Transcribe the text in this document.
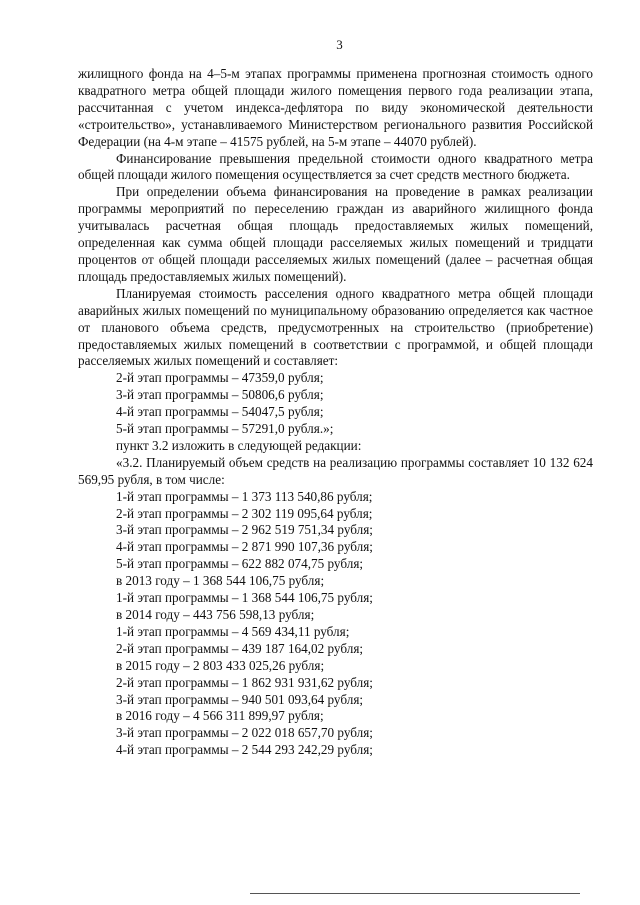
3

жилищного фонда на 4–5-м этапах программы применена прогнозная стоимость одного квадратного метра общей площади жилого помещения первого года реализации этапа, рассчитанная с учетом индекса-дефлятора по виду экономической деятельности «строительство», устанавливаемого Министерством регионального развития Российской Федерации (на 4-м этапе – 41575 рублей, на 5-м этапе – 44070 рублей).

Финансирование превышения предельной стоимости одного квадратного метра общей площади жилого помещения осуществляется за счет средств местного бюджета.

При определении объема финансирования на проведение в рамках реализации программы мероприятий по переселению граждан из аварийного жилищного фонда учитывалась расчетная общая площадь предоставляемых жилых помещений, определенная как сумма общей площади расселяемых жилых помещений и тридцати процентов от общей площади расселяемых жилых помещений (далее – расчетная общая площадь предоставляемых жилых помещений).

Планируемая стоимость расселения одного квадратного метра общей площади аварийных жилых помещений по муниципальному образованию определяется как частное от планового объема средств, предусмотренных на строительство (приобретение) предоставляемых жилых помещений в соответствии с программой, и общей площади расселяемых жилых помещений и составляет:

2-й этап программы – 47359,0 рубля;

3-й этап программы – 50806,6 рубля;

4-й этап программы – 54047,5 рубля;

5-й этап программы – 57291,0 рубля.»;

пункт 3.2 изложить в следующей редакции:

«3.2. Планируемый объем средств на реализацию программы составляет 10 132 624 569,95 рубля, в том числе:

1-й этап программы – 1 373 113 540,86 рубля;

2-й этап программы – 2 302 119 095,64 рубля;

3-й этап программы – 2 962 519 751,34 рубля;

4-й этап программы – 2 871 990 107,36 рубля;

5-й этап программы – 622 882 074,75 рубля;

в 2013 году – 1 368 544 106,75 рубля;

1-й этап программы – 1 368 544 106,75 рубля;

в 2014 году – 443 756 598,13 рубля;

1-й этап программы – 4 569 434,11 рубля;

2-й этап программы – 439 187 164,02 рубля;

в 2015 году – 2 803 433 025,26 рубля;

2-й этап программы – 1 862 931 931,62 рубля;

3-й этап программы – 940 501 093,64 рубля;

в 2016 году – 4 566 311 899,97 рубля;

3-й этап программы – 2 022 018 657,70 рубля;

4-й этап программы – 2 544 293 242,29 рубля;
